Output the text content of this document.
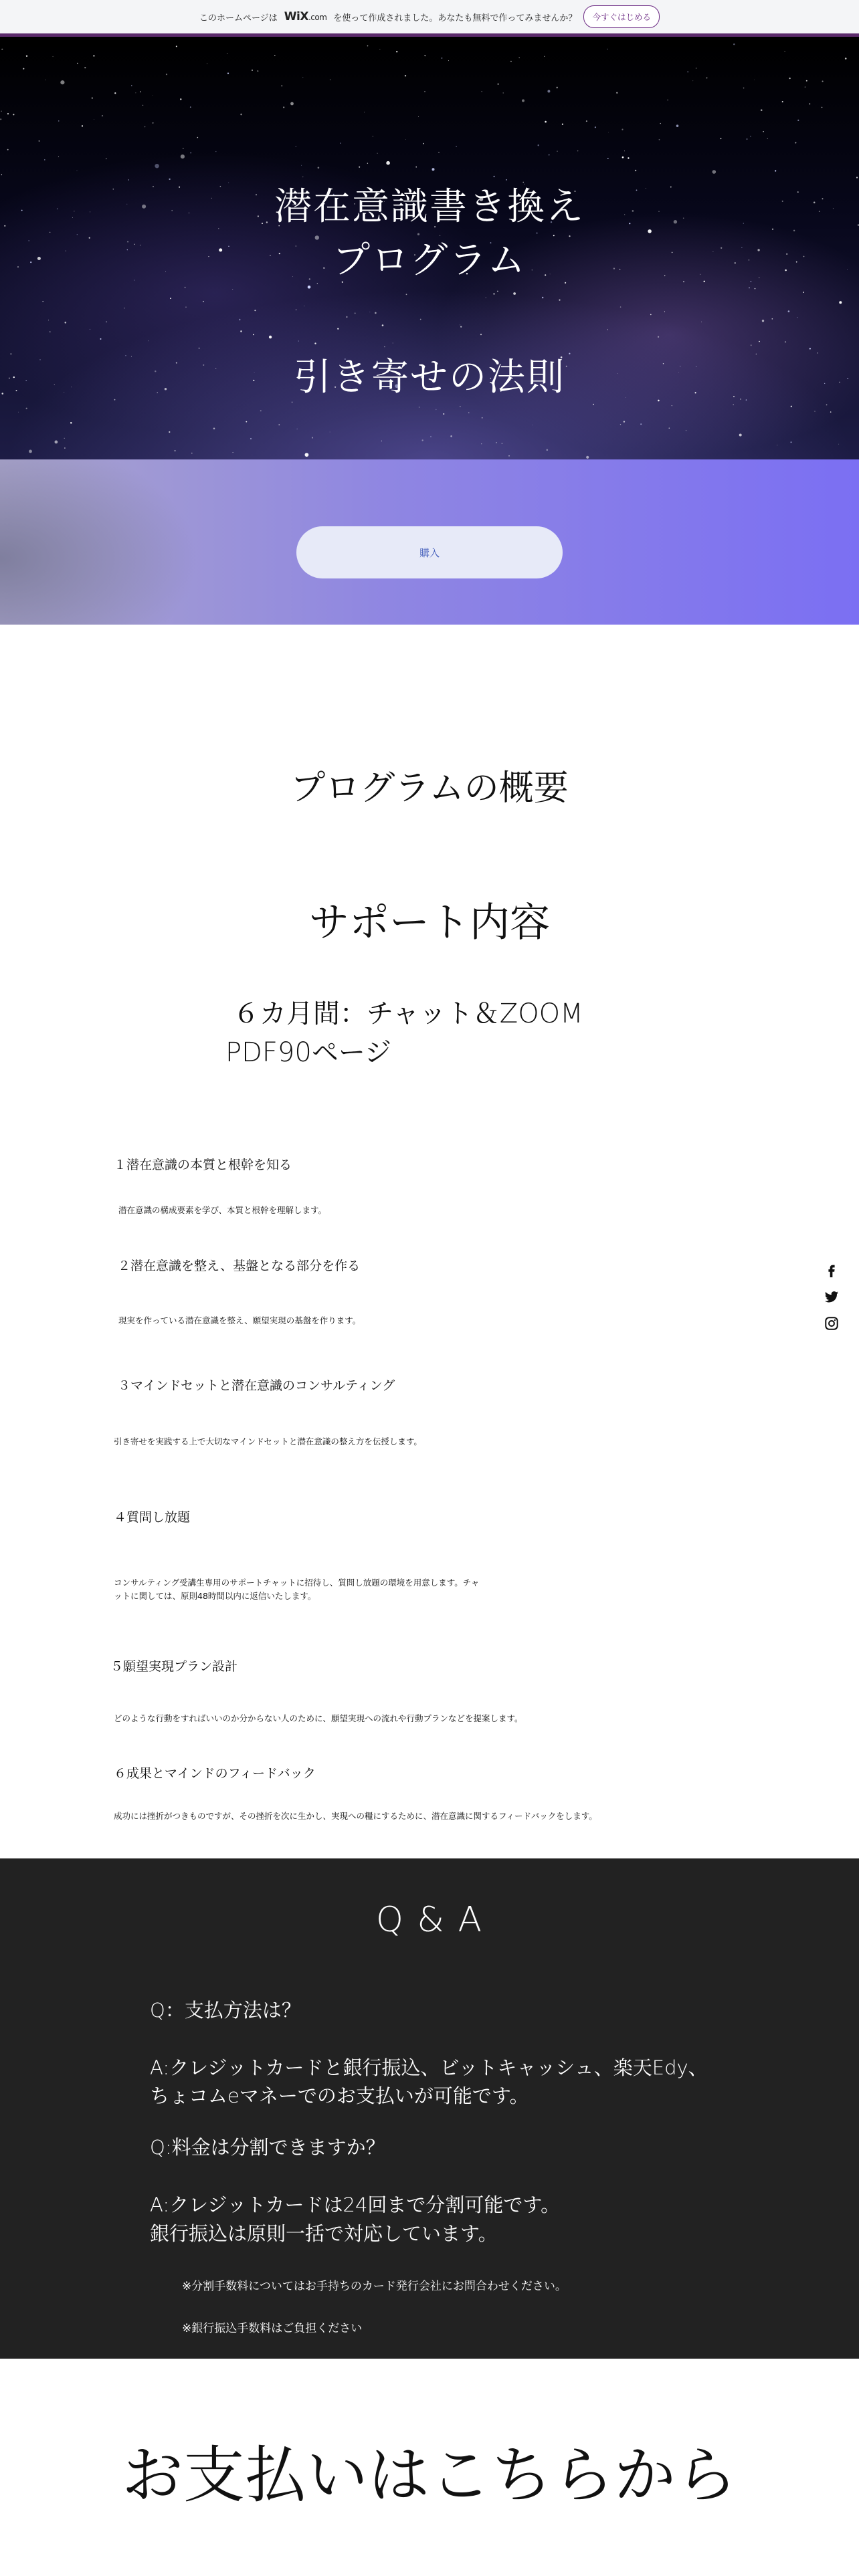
このホームページは WiX.com を使って作成されました。あなたも無料で作ってみませんか？	今すぐはじめる
潜在意識書き換え
プログラム
引き寄せの法則
購入
プログラムの概要
サポート内容

６カ月間：チャット＆ZOOM

PDF90ページ

１潜在意識の本質と根幹を知る

潜在意識の構成要素を学び、本質と根幹を理解します。

２潜在意識を整え、基盤となる部分を作る

現実を作っている潜在意識を整え、願望実現の基盤を作ります。

３マインドセットと潜在意識のコンサルティング

引き寄せを実践する上で大切なマインドセットと潜在意識の整え方を伝授します。

４質問し放題

コンサルティング受講生専用のサポートチャットに招待し、質問し放題の環境を用意します。チャ

ットに関しては、原則48時間以内に返信いたします。

５願望実現プラン設計

どのような行動をすればいいのか分からない人のために、願望実現への流れや行動プランなどを提案します。

６成果とマインドのフィードバック

成功には挫折がつきものですが、その挫折を次に生かし、実現への糧にするために、潜在意識に関するフィードバックをします。

Q & A

Q：支払方法は？

A:クレジットカードと銀行振込、ビットキャッシュ、楽天Edy、

ちょコムeマネーでのお支払いが可能です。

Q:料金は分割できますか？

A:クレジットカードは24回まで分割可能です。

銀行振込は原則一括で対応しています。

※分割手数料についてはお手持ちのカード発行会社にお問合わせください。

※銀行振込手数料はご負担ください

お支払いはこちらから
